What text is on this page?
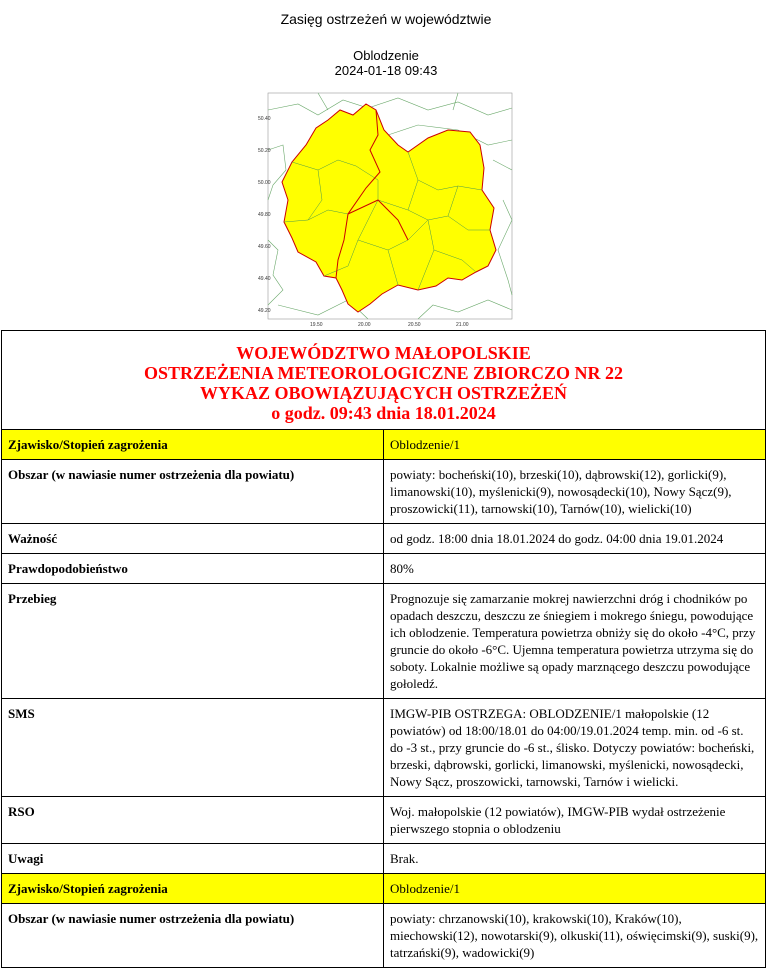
Zasięg ostrzeżeń w województwie
Oblodzenie
2024-01-18 09:43
50.40
50.20
50.00
49.80
49.60
49.40
49.20
19.50	20.00	20.50	21.00
WOJEWÓDZTWO MAŁOPOLSKIE
OSTRZEŻENIA METEOROLOGICZNE ZBIORCZO NR 22
WYKAZ OBOWIĄZUJĄCYCH OSTRZEŻEŃ
o godz. 09:43 dnia 18.01.2024	

Zjawisko/Stopień zagrożenia	Oblodzenie/1
Obszar (w nawiasie numer ostrzeżenia dla powiatu)	powiaty: bocheński(10), brzeski(10), dąbrowski(12), gorlicki(9), limanowski(10), myślenicki(9), nowosądecki(10), Nowy Sącz(9), proszowicki(11), tarnowski(10), Tarnów(10), wielicki(10)
Ważność	od godz. 18:00 dnia 18.01.2024 do godz. 04:00 dnia 19.01.2024
Prawdopodobieństwo	80%
Przebieg	Prognozuje się zamarzanie mokrej nawierzchni dróg i chodników po opadach deszczu, deszczu ze śniegiem i mokrego śniegu, powodujące ich oblodzenie. Temperatura powietrza obniży się do około -4°C, przy gruncie do około -6°C. Ujemna temperatura powietrza utrzyma się do soboty. Lokalnie możliwe są opady marznącego deszczu powodujące gołoledź.
SMS	IMGW-PIB OSTRZEGA: OBLODZENIE/1 małopolskie (12 powiatów) od 18:00/18.01 do 04:00/19.01.2024 temp. min. od -6 st. do -3 st., przy gruncie do -6 st., ślisko. Dotyczy powiatów: bocheński, brzeski, dąbrowski, gorlicki, limanowski, myślenicki, nowosądecki, Nowy Sącz, proszowicki, tarnowski, Tarnów i wielicki.
RSO	Woj. małopolskie (12 powiatów), IMGW-PIB wydał ostrzeżenie pierwszego stopnia o oblodzeniu
Uwagi	Brak.
Zjawisko/Stopień zagrożenia	Oblodzenie/1
Obszar (w nawiasie numer ostrzeżenia dla powiatu)	powiaty: chrzanowski(10), krakowski(10), Kraków(10), miechowski(12), nowotarski(9), olkuski(11), oświęcimski(9), suski(9), tatrzański(9), wadowicki(9)
